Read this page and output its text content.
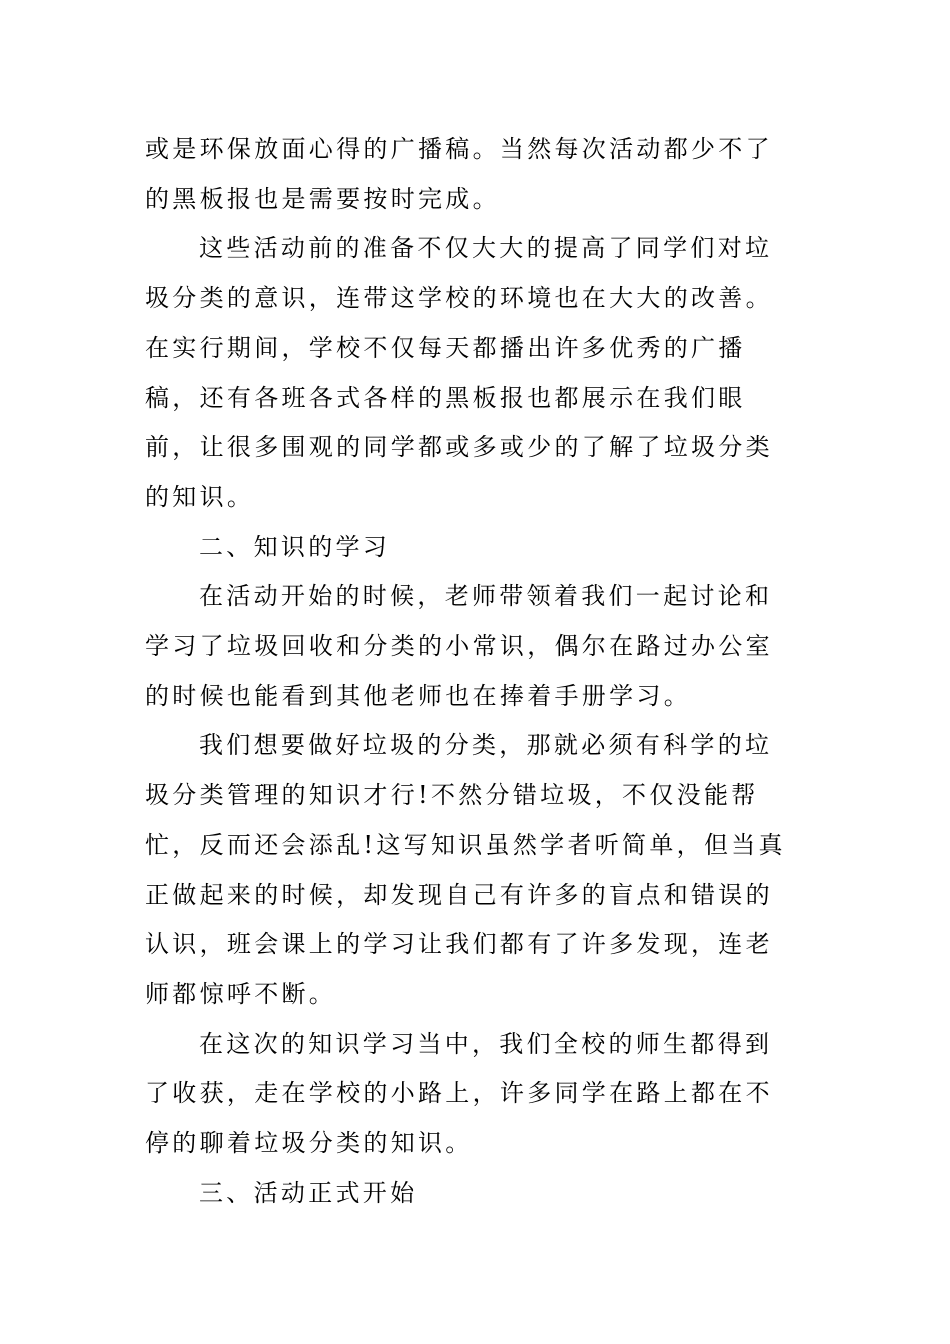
或是环保放面心得的广播稿。当然每次活动都少不了的黑板报也是需要按时完成。

这些活动前的准备不仅大大的提高了同学们对垃圾分类的意识，连带这学校的环境也在大大的改善。在实行期间，学校不仅每天都播出许多优秀的广播稿，还有各班各式各样的黑板报也都展示在我们眼前，让很多围观的同学都或多或少的了解了垃圾分类的知识。

二、知识的学习

在活动开始的时候，老师带领着我们一起讨论和学习了垃圾回收和分类的小常识，偶尔在路过办公室的时候也能看到其他老师也在捧着手册学习。

我们想要做好垃圾的分类，那就必须有科学的垃圾分类管理的知识才行!不然分错垃圾，不仅没能帮忙，反而还会添乱!这写知识虽然学者听简单，但当真正做起来的时候，却发现自己有许多的盲点和错误的认识，班会课上的学习让我们都有了许多发现，连老师都惊呼不断。

在这次的知识学习当中，我们全校的师生都得到了收获，走在学校的小路上，许多同学在路上都在不停的聊着垃圾分类的知识。

三、活动正式开始
